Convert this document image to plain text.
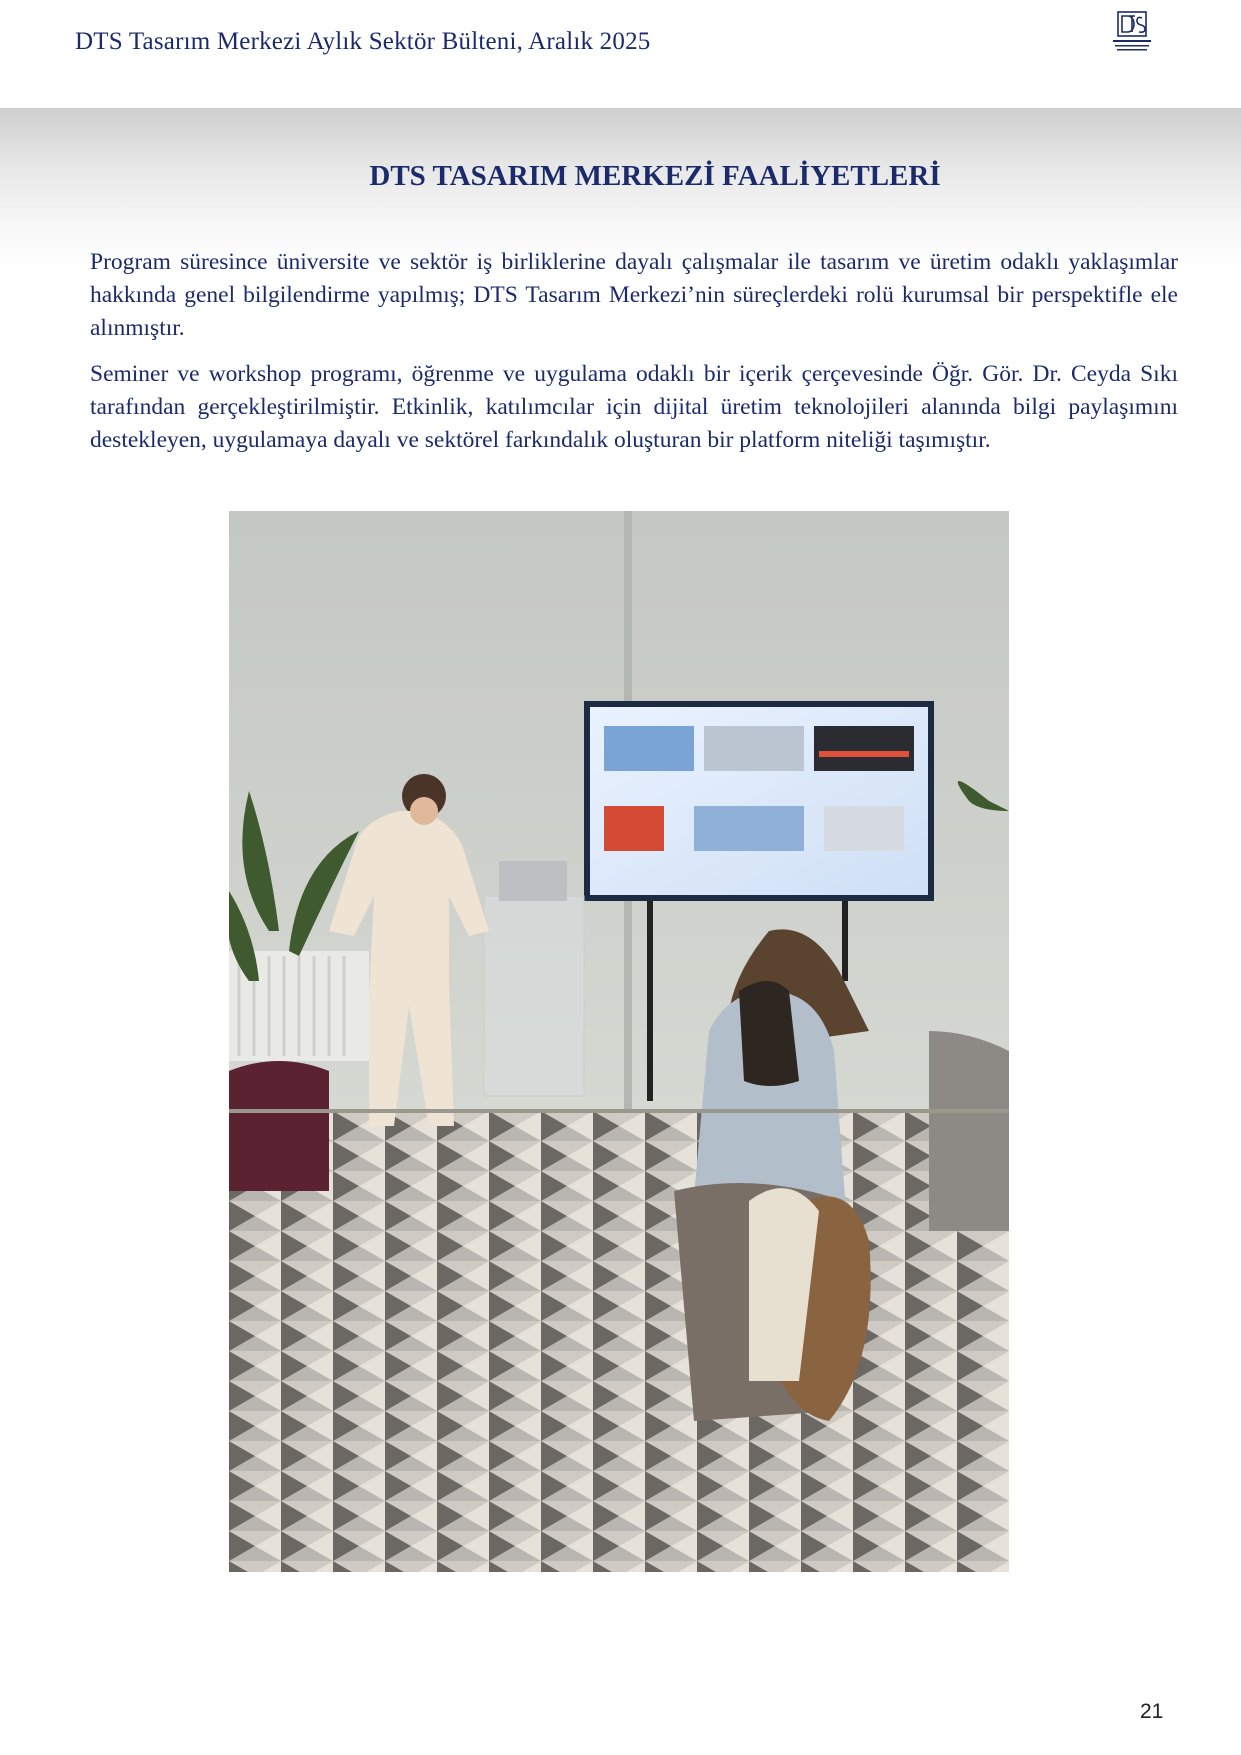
DTS Tasarım Merkezi Aylık Sektör Bülteni, Aralık 2025
DTS TASARIM MERKEZİ FAALİYETLERİ

Program süresince üniversite ve sektör iş birliklerine dayalı çalışmalar ile tasarım ve üretim odaklı yaklaşımlar hakkında genel bilgilendirme yapılmış; DTS Tasarım Merkezi’nin süreçlerdeki rolü kurumsal bir perspektifle ele alınmıştır.

Seminer ve workshop programı, öğrenme ve uygulama odaklı bir içerik çerçevesinde Öğr. Gör. Dr. Ceyda Sıkı tarafından gerçekleştirilmiştir. Etkinlik, katılımcılar için dijital üretim teknolojileri alanında bilgi paylaşımını destekleyen, uygulamaya dayalı ve sektörel farkındalık oluşturan bir platform niteliği taşımıştır.

21
